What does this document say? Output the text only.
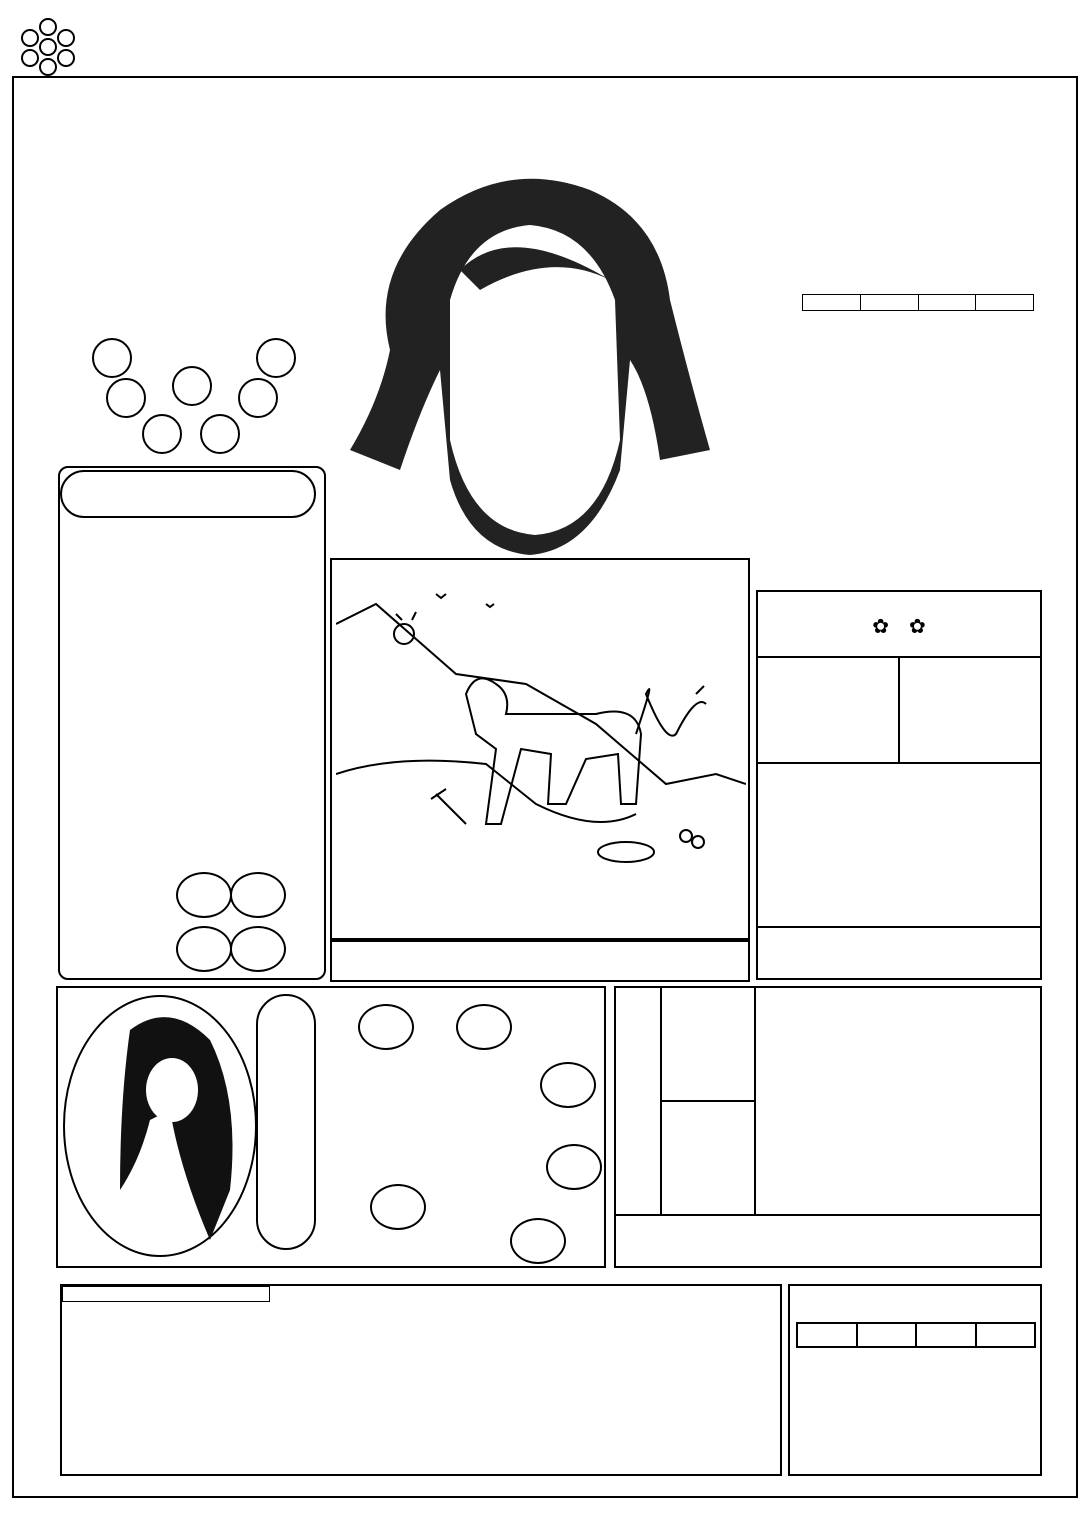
✿ ✿
